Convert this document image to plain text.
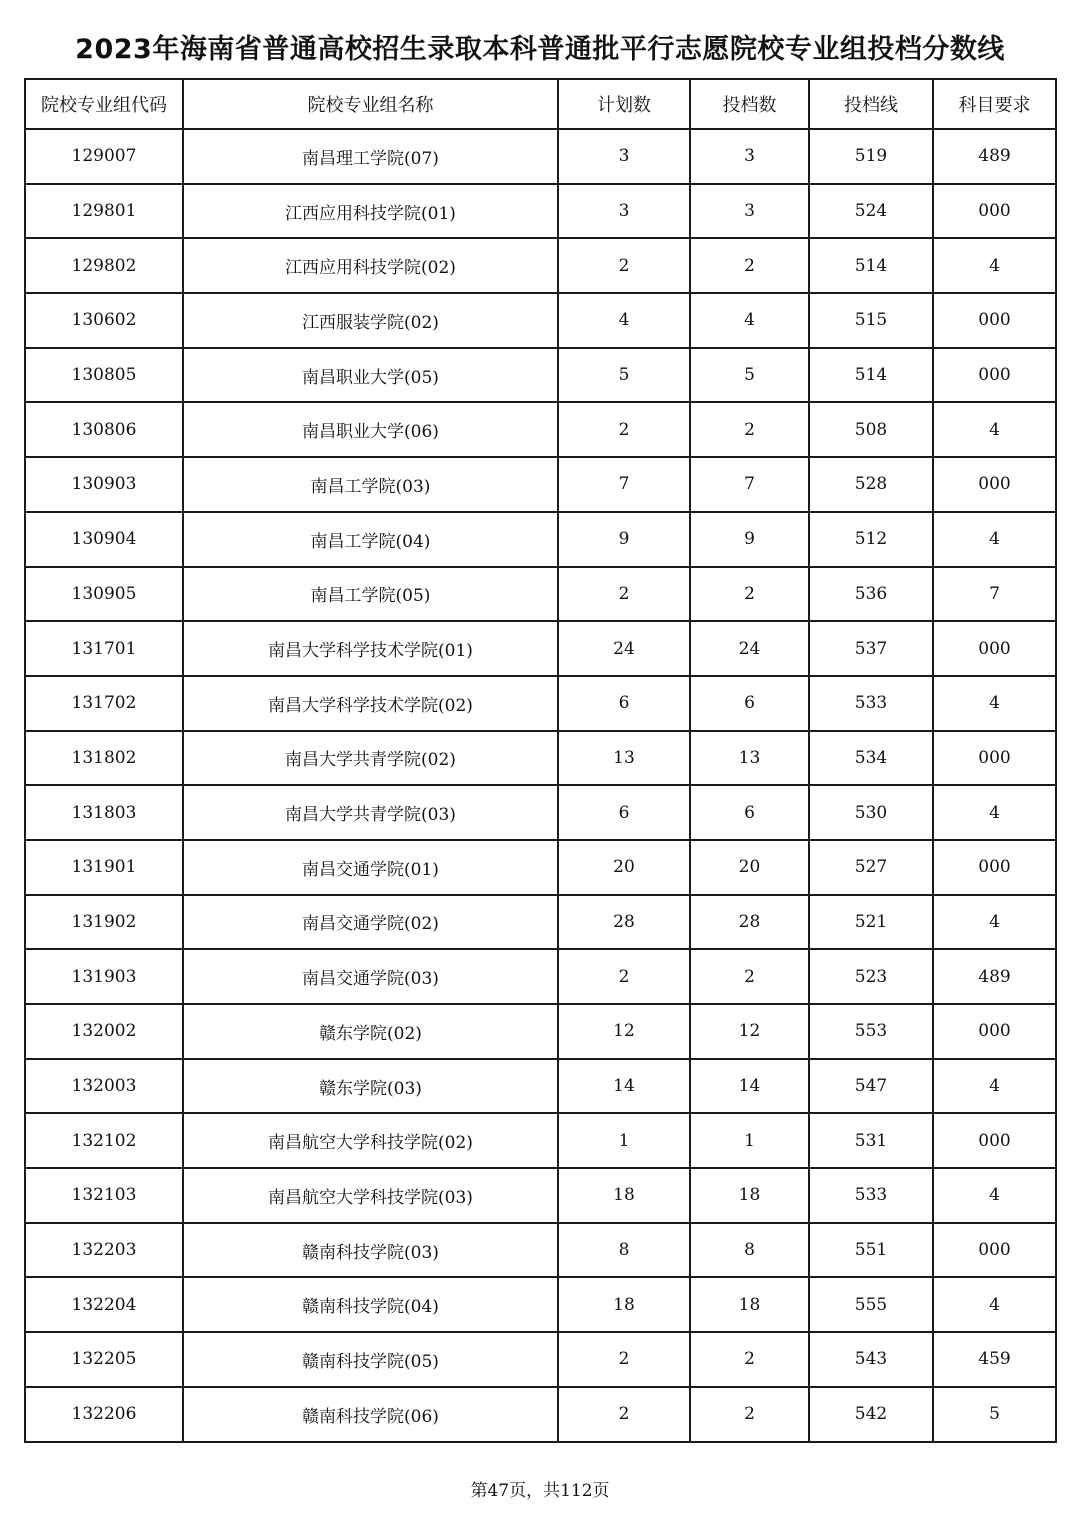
2023年海南省普通高校招生录取本科普通批平行志愿院校专业组投档分数线
院校专业组代码	院校专业组名称	计划数	投档数	投档线	科目要求
129007	南昌理工学院(07)	3	3	519	489
129801	江西应用科技学院(01)	3	3	524	000
129802	江西应用科技学院(02)	2	2	514	4
130602	江西服装学院(02)	4	4	515	000
130805	南昌职业大学(05)	5	5	514	000
130806	南昌职业大学(06)	2	2	508	4
130903	南昌工学院(03)	7	7	528	000
130904	南昌工学院(04)	9	9	512	4
130905	南昌工学院(05)	2	2	536	7
131701	南昌大学科学技术学院(01)	24	24	537	000
131702	南昌大学科学技术学院(02)	6	6	533	4
131802	南昌大学共青学院(02)	13	13	534	000
131803	南昌大学共青学院(03)	6	6	530	4
131901	南昌交通学院(01)	20	20	527	000
131902	南昌交通学院(02)	28	28	521	4
131903	南昌交通学院(03)	2	2	523	489
132002	赣东学院(02)	12	12	553	000
132003	赣东学院(03)	14	14	547	4
132102	南昌航空大学科技学院(02)	1	1	531	000
132103	南昌航空大学科技学院(03)	18	18	533	4
132203	赣南科技学院(03)	8	8	551	000
132204	赣南科技学院(04)	18	18	555	4
132205	赣南科技学院(05)	2	2	543	459
132206	赣南科技学院(06)	2	2	542	5
第47页，共112页
